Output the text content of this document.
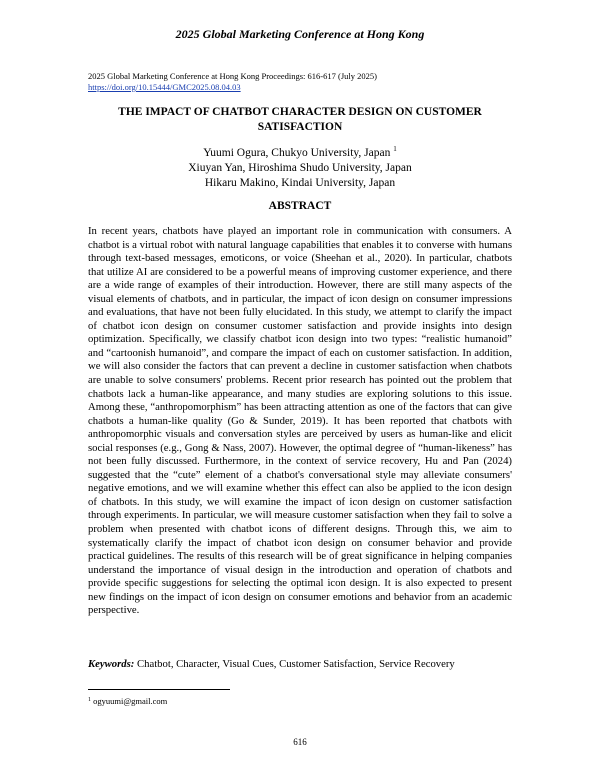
2025 Global Marketing Conference at Hong Kong
2025 Global Marketing Conference at Hong Kong Proceedings: 616-617 (July 2025)
https://doi.org/10.15444/GMC2025.08.04.03
THE IMPACT OF CHATBOT CHARACTER DESIGN ON CUSTOMER SATISFACTION
Yuumi Ogura, Chukyo University, Japan $^1$
Xiuyan Yan, Hiroshima Shudo University, Japan
Hikaru Makino, Kindai University, Japan
ABSTRACT
In recent years, chatbots have played an important role in communication with consumers. A chatbot is a virtual robot with natural language capabilities that enables it to converse with humans through text-based messages, emoticons, or voice (Sheehan et al., 2020). In particular, chatbots that utilize AI are considered to be a powerful means of improving customer experience, and there are a wide range of examples of their introduction. However, there are still many aspects of the visual elements of chatbots, and in particular, the impact of icon design on consumer impressions and evaluations, that have not been fully elucidated. In this study, we attempt to clarify the impact of chatbot icon design on consumer customer satisfaction and provide insights into design optimization. Specifically, we classify chatbot icon design into two types: “realistic humanoid” and “cartoonish humanoid”, and compare the impact of each on customer satisfaction. In addition, we will also consider the factors that can prevent a decline in customer satisfaction when chatbots are unable to solve consumers' problems. Recent prior research has pointed out the problem that chatbots lack a human-like appearance, and many studies are exploring solutions to this issue. Among these, “anthropomorphism” has been attracting attention as one of the factors that can give chatbots a human-like quality (Go & Sunder, 2019). It has been reported that chatbots with anthropomorphic visuals and conversation styles are perceived by users as human-like and elicit social responses (e.g., Gong & Nass, 2007). However, the optimal degree of “human-likeness” has not been fully discussed. Furthermore, in the context of service recovery, Hu and Pan (2024) suggested that the “cute” element of a chatbot's conversational style may alleviate consumers' negative emotions, and we will examine whether this effect can also be applied to the icon design of chatbots. In this study, we will examine the impact of icon design on customer satisfaction through experiments. In particular, we will measure customer satisfaction when they fail to solve a problem when presented with chatbot icons of different designs. Through this, we aim to systematically clarify the impact of chatbot icon design on consumer behavior and provide practical guidelines. The results of this research will be of great significance in helping companies understand the importance of visual design in the introduction and operation of chatbots and provide specific suggestions for selecting the optimal icon design. It is also expected to present new findings on the impact of icon design on consumer emotions and behavior from an academic perspective.
Keywords: Chatbot, Character, Visual Cues, Customer Satisfaction, Service Recovery
$^1$ ogyuumi@gmail.com
616
